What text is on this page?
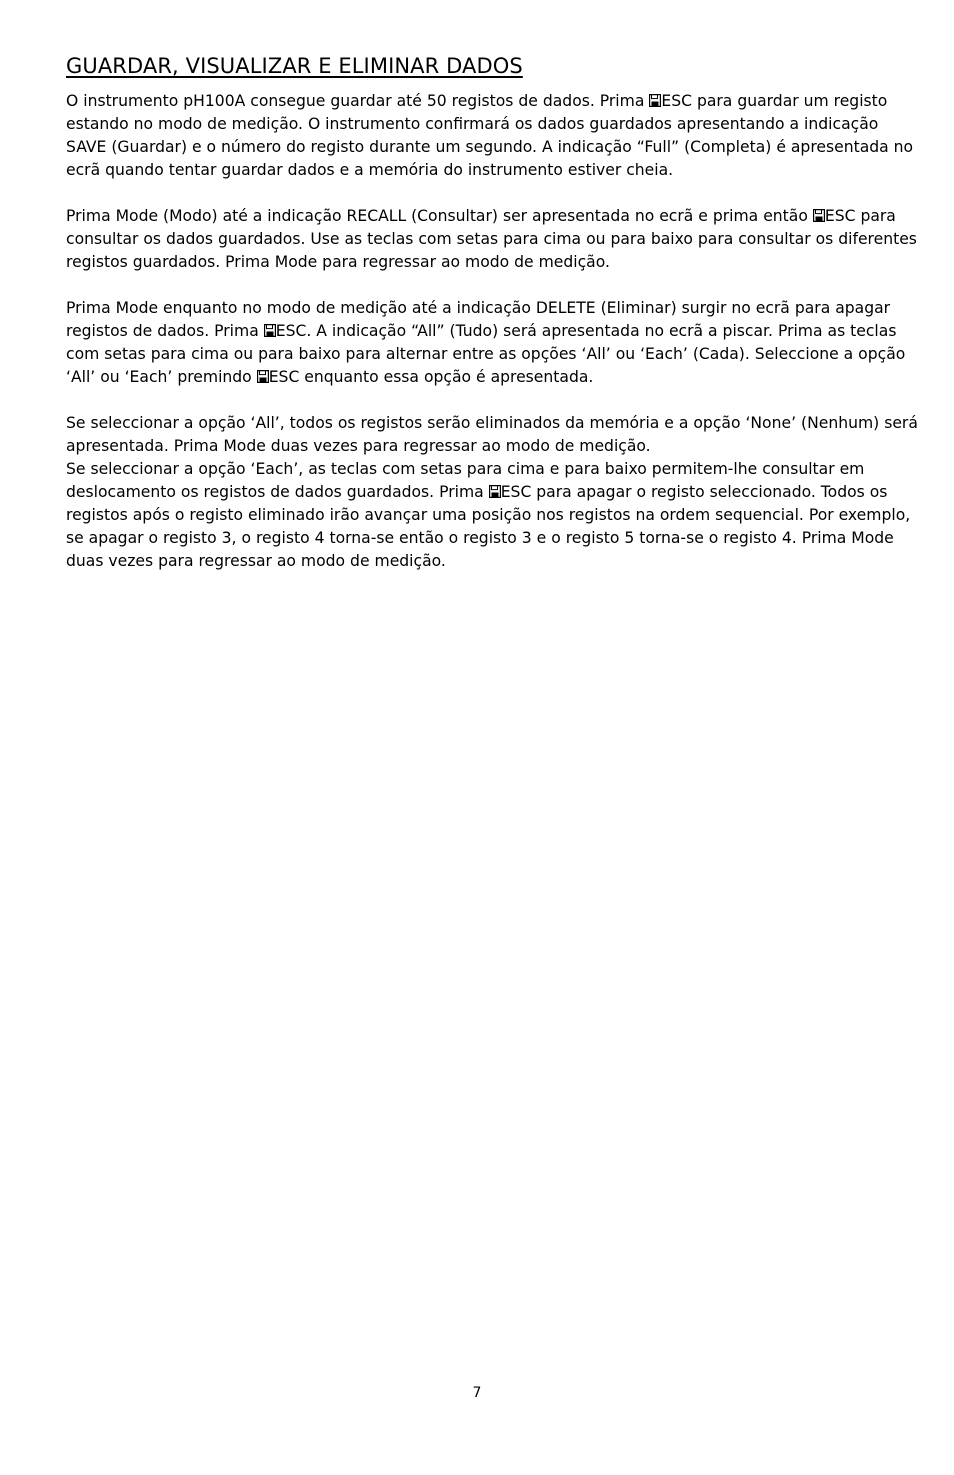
GUARDAR, VISUALIZAR E ELIMINAR DADOS

O instrumento pH100A consegue guardar até 50 registos de dados. Prima ESC para guardar um registo estando no modo de medição. O instrumento confirmará os dados guardados apresentando a indicação SAVE (Guardar) e o número do registo durante um segundo. A indicação “Full” (Completa) é apresentada no ecrã quando tentar guardar dados e a memória do instrumento estiver cheia.

Prima Mode (Modo) até a indicação RECALL (Consultar) ser apresentada no ecrã e prima então ESC para consultar os dados guardados. Use as teclas com setas para cima ou para baixo para consultar os diferentes registos guardados. Prima Mode para regressar ao modo de medição.

Prima Mode enquanto no modo de medição até a indicação DELETE (Eliminar) surgir no ecrã para apagar registos de dados. Prima ESC. A indicação “All” (Tudo) será apresentada no ecrã a piscar. Prima as teclas com setas para cima ou para baixo para alternar entre as opções ‘All’ ou ‘Each’ (Cada). Seleccione a opção ‘All’ ou ‘Each’ premindo ESC enquanto essa opção é apresentada.

Se seleccionar a opção ‘All’, todos os registos serão eliminados da memória e a opção ‘None’ (Nenhum) será apresentada. Prima Mode duas vezes para regressar ao modo de medição.

Se seleccionar a opção ‘Each’, as teclas com setas para cima e para baixo permitem-lhe consultar em deslocamento os registos de dados guardados. Prima ESC para apagar o registo seleccionado. Todos os registos após o registo eliminado irão avançar uma posição nos registos na ordem sequencial. Por exemplo, se apagar o registo 3, o registo 4 torna-se então o registo 3 e o registo 5 torna-se o registo 4. Prima Mode duas vezes para regressar ao modo de medição.

7
